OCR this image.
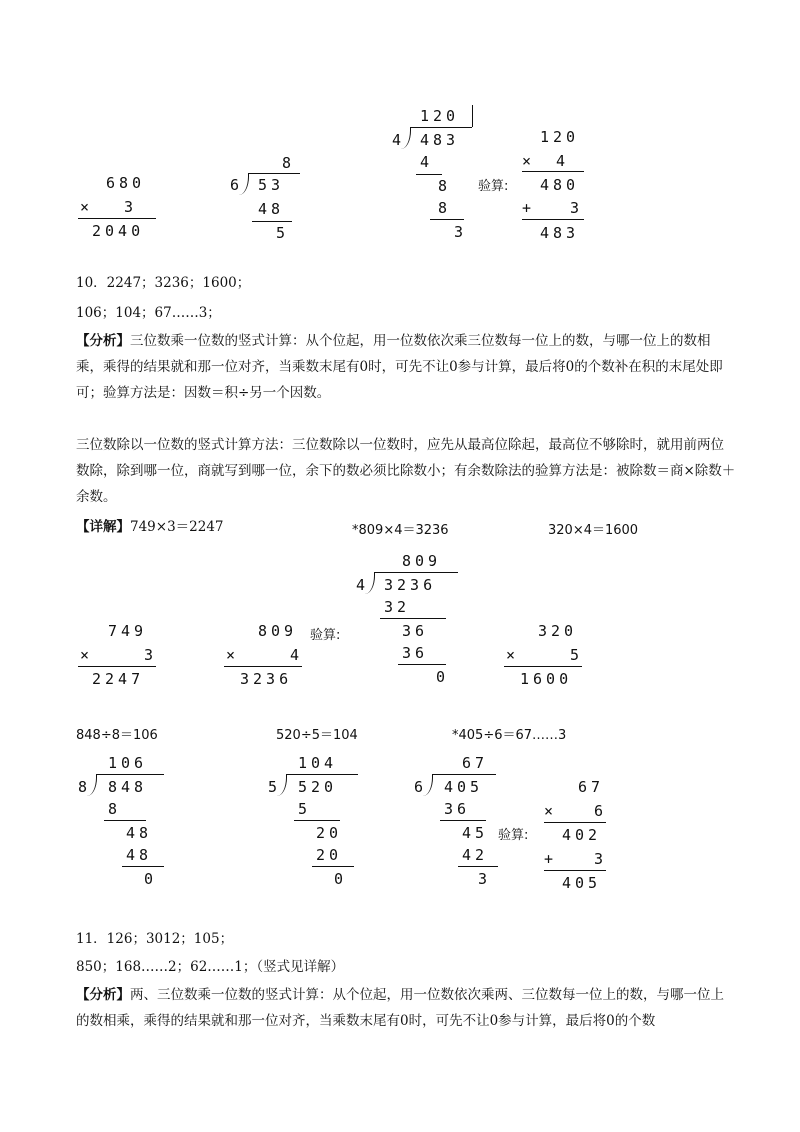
680
× 3
2040
8
6 53
48
5
120
4 483
4
8
8
3
验算:
120
× 4
480
+ 3
483
10．2247；3236；1600；
106；104；67……3；
【分析】三位数乘一位数的竖式计算：从个位起，用一位数依次乘三位数每一位上的数，与哪一位上的数相乘，乘得的结果就和那一位对齐，当乘数末尾有0时，可先不让0参与计算，最后将0的个数补在积的末尾处即可；验算方法是：因数＝积÷另一个因数。
三位数除以一位数的竖式计算方法：三位数除以一位数时，应先从最高位除起，最高位不够除时，就用前两位数除，除到哪一位，商就写到哪一位，余下的数必须比除数小；有余数除法的验算方法是：被除数＝商×除数＋余数。
【详解】749×3＝2247	*809×4＝3236	320×4＝1600
749
×	3
2247
809
×	4
3236
验算:
809
4 3236
32
36
36
0
320
×	5
1600
848÷8＝106	520÷5＝104	*405÷6＝67……3
106
8 848
8
48
48
0
104
5 520
5
20
20
0
67
6 405
36
45
42
3
验算:
67
× 6
402
+ 3
405
11．126；3012；105；
850；168……2；62……1；（竖式见详解）
【分析】两、三位数乘一位数的竖式计算：从个位起，用一位数依次乘两、三位数每一位上的数，与哪一位上的数相乘，乘得的结果就和那一位对齐，当乘数末尾有0时，可先不让0参与计算，最后将0的个数
